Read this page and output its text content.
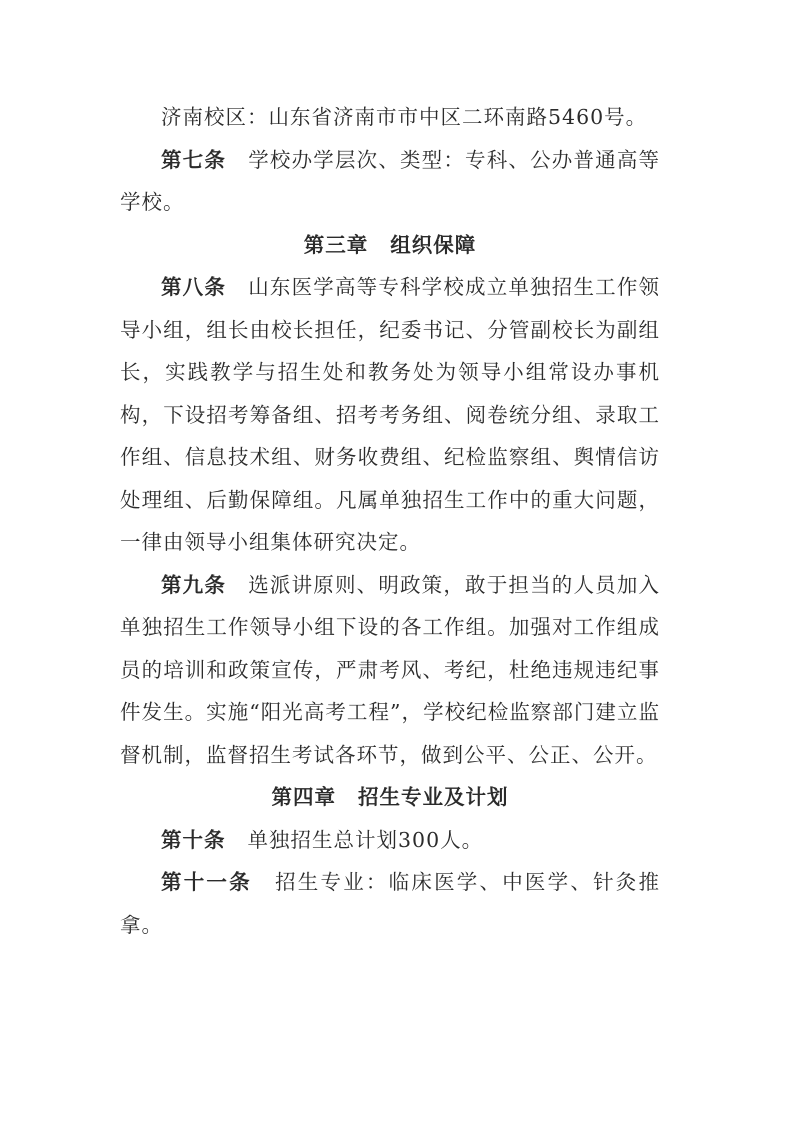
济南校区：山东省济南市市中区二环南路5460号。

第七条 学校办学层次、类型：专科、公办普通高等学校。

第三章 组织保障

第八条 山东医学高等专科学校成立单独招生工作领导小组，组长由校长担任，纪委书记、分管副校长为副组长，实践教学与招生处和教务处为领导小组常设办事机构，下设招考筹备组、招考考务组、阅卷统分组、录取工作组、信息技术组、财务收费组、纪检监察组、舆情信访处理组、后勤保障组。凡属单独招生工作中的重大问题，一律由领导小组集体研究决定。

第九条 选派讲原则、明政策，敢于担当的人员加入单独招生工作领导小组下设的各工作组。加强对工作组成员的培训和政策宣传，严肃考风、考纪，杜绝违规违纪事件发生。实施“阳光高考工程”，学校纪检监察部门建立监督机制，监督招生考试各环节，做到公平、公正、公开。

第四章 招生专业及计划

第十条 单独招生总计划300人。

第十一条 招生专业：临床医学、中医学、针灸推拿。
